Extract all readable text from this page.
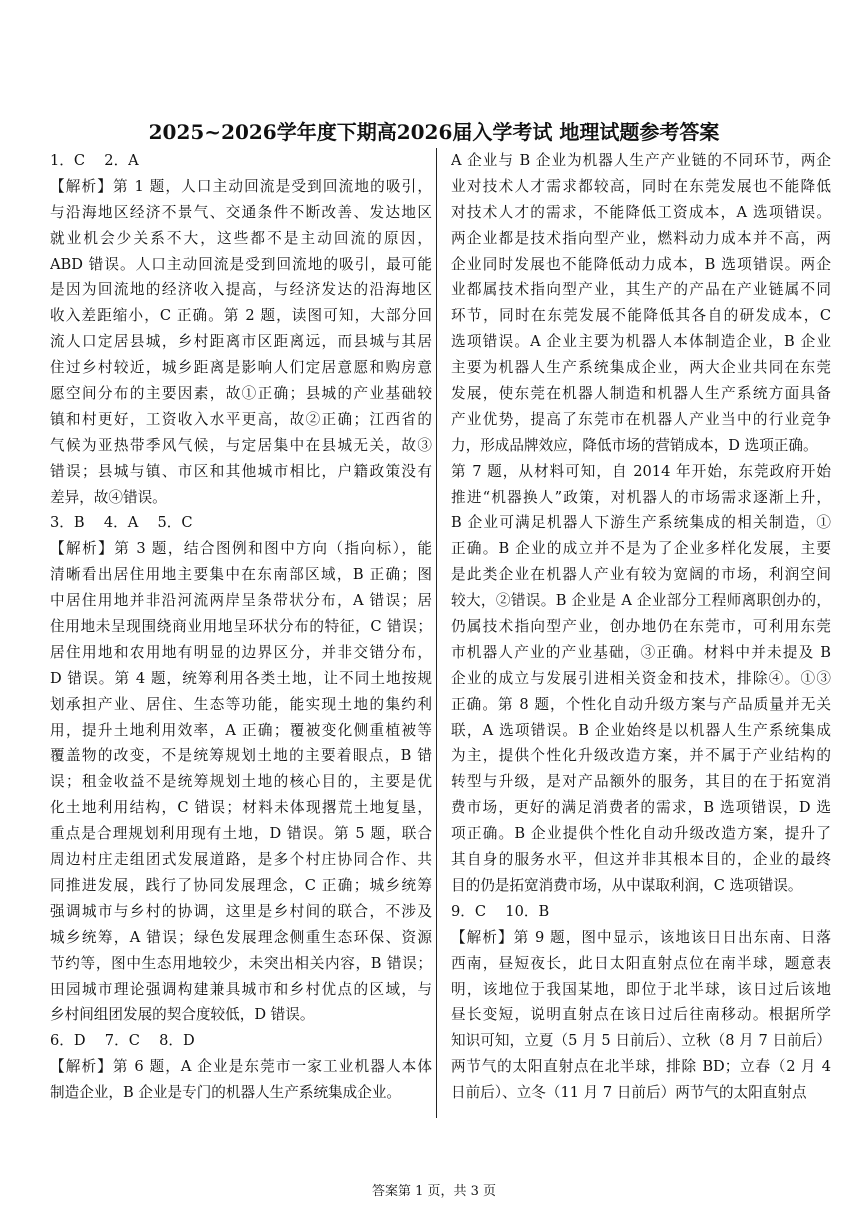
2025~2026学年度下期高2026届入学考试 地理试题参考答案
1．C　 2．A
【解析】第 1 题，人口主动回流是受到回流地的吸引，
与沿海地区经济不景气、交通条件不断改善、发达地区
就业机会少关系不大，这些都不是主动回流的原因，
ABD 错误。人口主动回流是受到回流地的吸引，最可能
是因为回流地的经济收入提高，与经济发达的沿海地区
收入差距缩小，C 正确。第 2 题，读图可知，大部分回
流人口定居县城，乡村距离市区距离远，而县城与其居
住过乡村较近，城乡距离是影响人们定居意愿和购房意
愿空间分布的主要因素，故①正确；县城的产业基础较
镇和村更好，工资收入水平更高，故②正确；江西省的
气候为亚热带季风气候，与定居集中在县城无关，故③
错误；县城与镇、市区和其他城市相比，户籍政策没有
差异，故④错误。
3．B　 4．A　 5．C
【解析】第 3 题，结合图例和图中方向（指向标），能
清晰看出居住用地主要集中在东南部区域，B 正确；图
中居住用地并非沿河流两岸呈条带状分布，A 错误；居
住用地未呈现围绕商业用地呈环状分布的特征，C 错误；
居住用地和农用地有明显的边界区分，并非交错分布，
D 错误。第 4 题，统筹利用各类土地，让不同土地按规
划承担产业、居住、生态等功能，能实现土地的集约利
用，提升土地利用效率，A 正确；覆被变化侧重植被等
覆盖物的改变，不是统筹规划土地的主要着眼点，B 错
误；租金收益不是统筹规划土地的核心目的，主要是优
化土地利用结构，C 错误；材料未体现撂荒土地复垦，
重点是合理规划利用现有土地，D 错误。第 5 题，联合
周边村庄走组团式发展道路，是多个村庄协同合作、共
同推进发展，践行了协同发展理念，C 正确；城乡统筹
强调城市与乡村的协调，这里是乡村间的联合，不涉及
城乡统筹，A 错误；绿色发展理念侧重生态环保、资源
节约等，图中生态用地较少，未突出相关内容，B 错误；
田园城市理论强调构建兼具城市和乡村优点的区域，与
乡村间组团发展的契合度较低，D 错误。
6．D　 7．C　 8．D
【解析】第 6 题，A 企业是东莞市一家工业机器人本体
制造企业，B 企业是专门的机器人生产系统集成企业。
A 企业与 B 企业为机器人生产产业链的不同环节，两企
业对技术人才需求都较高，同时在东莞发展也不能降低
对技术人才的需求，不能降低工资成本，A 选项错误。
两企业都是技术指向型产业，燃料动力成本并不高，两
企业同时发展也不能降低动力成本，B 选项错误。两企
业都属技术指向型产业，其生产的产品在产业链属不同
环节，同时在东莞发展不能降低其各自的研发成本，C
选项错误。A 企业主要为机器人本体制造企业，B 企业
主要为机器人生产系统集成企业，两大企业共同在东莞
发展，使东莞在机器人制造和机器人生产系统方面具备
产业优势，提高了东莞市在机器人产业当中的行业竞争
力，形成品牌效应，降低市场的营销成本，D 选项正确。
第 7 题，从材料可知，自 2014 年开始，东莞政府开始
推进“机器换人”政策，对机器人的市场需求逐渐上升，
B 企业可满足机器人下游生产系统集成的相关制造，①
正确。B 企业的成立并不是为了企业多样化发展，主要
是此类企业在机器人产业有较为宽阔的市场，利润空间
较大，②错误。B 企业是 A 企业部分工程师离职创办的，
仍属技术指向型产业，创办地仍在东莞市，可利用东莞
市机器人产业的产业基础，③正确。材料中并未提及 B
企业的成立与发展引进相关资金和技术，排除④。①③
正确。第 8 题，个性化自动升级方案与产品质量并无关
联，A 选项错误。B 企业始终是以机器人生产系统集成
为主，提供个性化升级改造方案，并不属于产业结构的
转型与升级，是对产品额外的服务，其目的在于拓宽消
费市场，更好的满足消费者的需求，B 选项错误，D 选
项正确。B 企业提供个性化自动升级改造方案，提升了
其自身的服务水平，但这并非其根本目的，企业的最终
目的仍是拓宽消费市场，从中谋取利润，C 选项错误。
9．C　 10．B
【解析】第 9 题，图中显示，该地该日日出东南、日落
西南，昼短夜长，此日太阳直射点位在南半球，题意表
明，该地位于我国某地，即位于北半球，该日过后该地
昼长变短，说明直射点在该日过后往南移动。根据所学
知识可知，立夏（5 月 5 日前后）、立秋（8 月 7 日前后）
两节气的太阳直射点在北半球，排除 BD；立春（2 月 4
日前后）、立冬（11 月 7 日前后）两节气的太阳直射点
答案第 1 页，共 3 页
